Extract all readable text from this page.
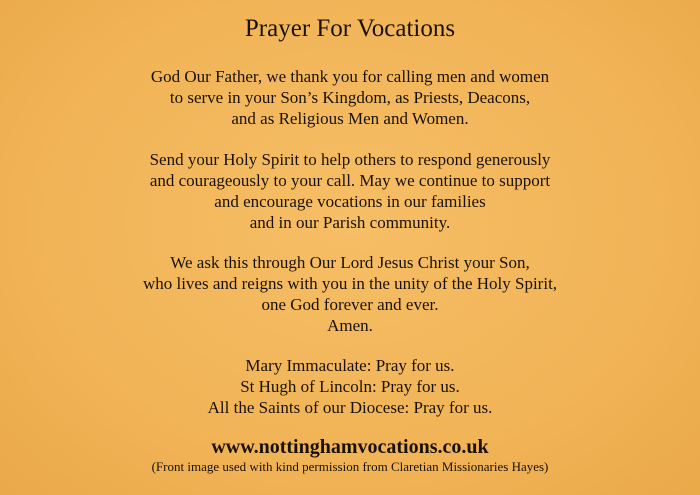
Prayer For Vocations
God Our Father, we thank you for calling men and women
to serve in your Son’s Kingdom, as Priests, Deacons,
and as Religious Men and Women.
Send your Holy Spirit to help others to respond generously
and courageously to your call. May we continue to support
and encourage vocations in our families
and in our Parish community.
We ask this through Our Lord Jesus Christ your Son,
who lives and reigns with you in the unity of the Holy Spirit,
one God forever and ever.
Amen.
Mary Immaculate: Pray for us.
St Hugh of Lincoln: Pray for us.
All the Saints of our Diocese: Pray for us.

www.nottinghamvocations.co.uk

(Front image used with kind permission from Claretian Missionaries Hayes)
